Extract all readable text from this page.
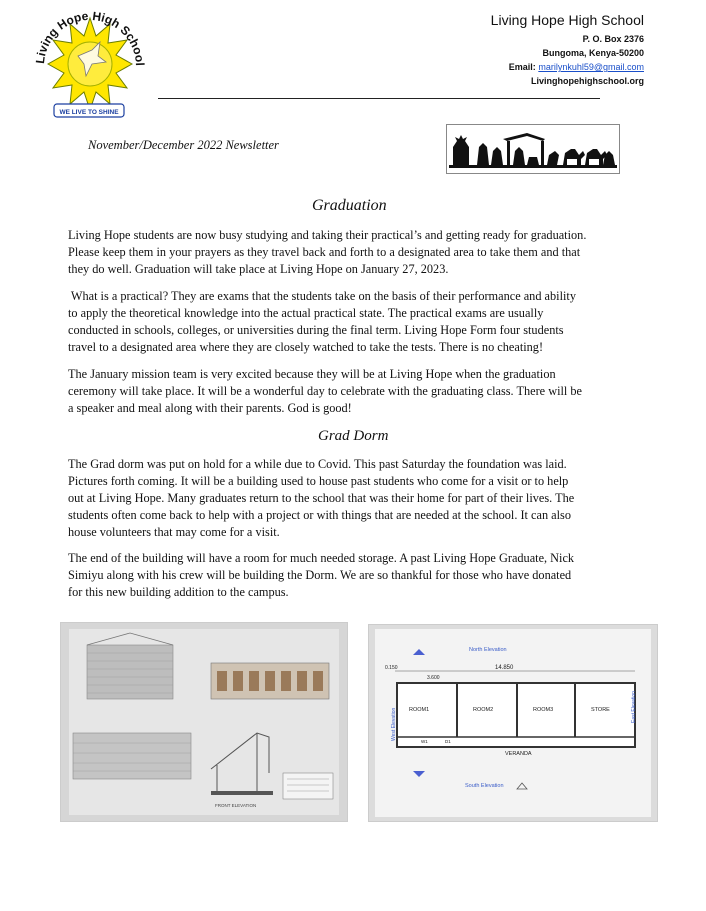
Living Hope High School
WE LIVE TO SHINE
Living Hope High School
P. O. Box 2376
Bungoma, Kenya-50200
Email: marilynkuhl59@gmail.com
Livinghopehighschool.org
November/December 2022 Newsletter
Graduation
Living Hope students are now busy studying and taking their practical’s and getting ready for graduation.
Please keep them in your prayers as they travel back and forth to a designated area to take them and that
they do well. Graduation will take place at Living Hope on January 27, 2023.
What is a practical? They are exams that the students take on the basis of their performance and ability
to apply the theoretical knowledge into the actual practical state. The practical exams are usually
conducted in schools, colleges, or universities during the final term. Living Hope Form four students
travel to a designated area where they are closely watched to take the tests. There is no cheating!
The January mission team is very excited because they will be at Living Hope when the graduation
ceremony will take place. It will be a wonderful day to celebrate with the graduating class. There will be
a speaker and meal along with their parents. God is good!
Grad Dorm
The Grad dorm was put on hold for a while due to Covid. This past Saturday the foundation was laid.
Pictures forth coming. It will be a building used to house past students who come for a visit or to help
out at Living Hope. Many graduates return to the school that was their home for part of their lives. The
students often come back to help with a project or with things that are needed at the school. It can also
house volunteers that may come for a visit.
The end of the building will have a room for much needed storage. A past Living Hope Graduate, Nick
Simiyu along with his crew will be building the Dorm. We are so thankful for those who have donated
for this new building addition to the campus.
FRONT ELEVATION
North Elevation
14.850
0.150
3.600
ROOM1	ROOM2	ROOM3	STORE
W1	D1
VERANDA
West Elevation
East Elevation
South Elevation
